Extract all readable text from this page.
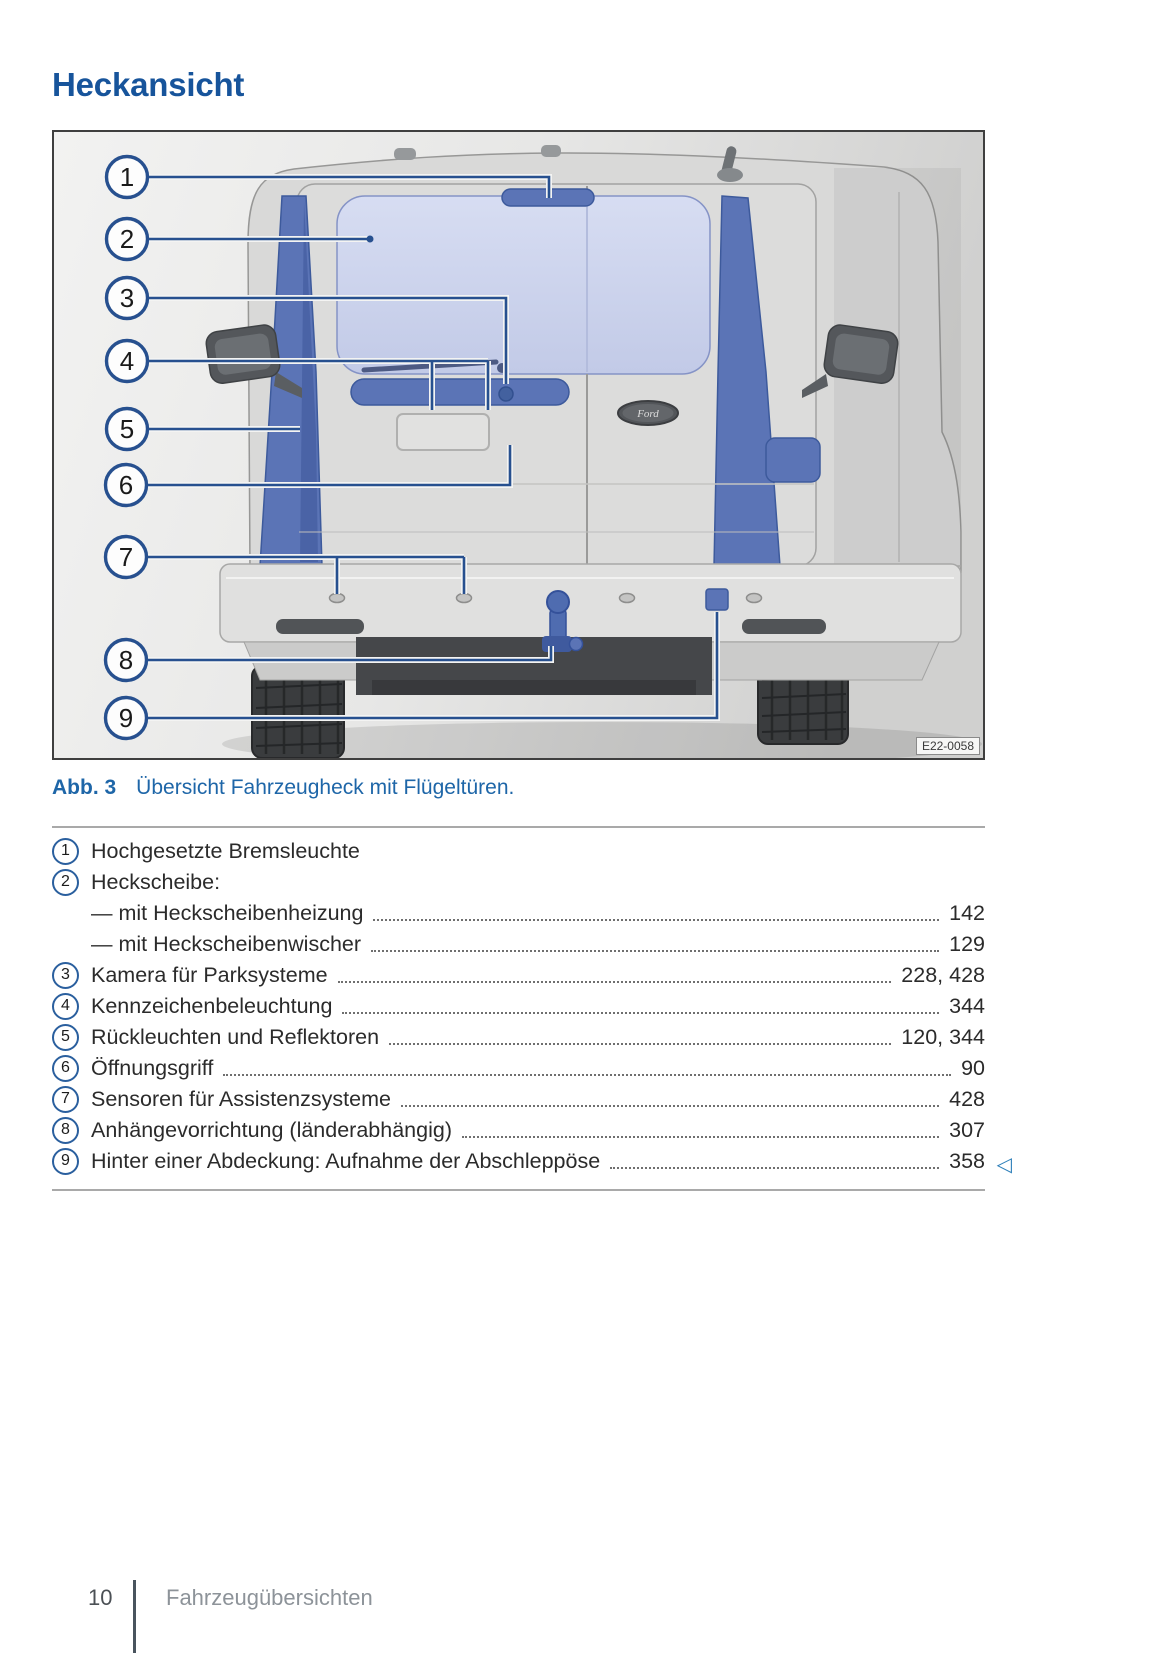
Heckansicht
Ford
1
2
3
4
5
6
7
8
9
E22-0058
Abb. 3 Übersicht Fahrzeugheck mit Flügeltüren.
1 Hochgesetzte Bremsleuchte
2 Heckscheibe:
— mit Heckscheibenheizung	142
— mit Heckscheibenwischer	129
3 Kamera für Parksysteme	228, 428
4 Kennzeichenbeleuchtung	344
5 Rückleuchten und Reflektoren	120, 344
6 Öffnungsgriff	90
7 Sensoren für Assistenzsysteme	428
8 Anhängevorrichtung (länderabhängig)	307
9 Hinter einer Abdeckung: Aufnahme der Abschleppöse	358 ◁
10 Fahrzeugübersichten
